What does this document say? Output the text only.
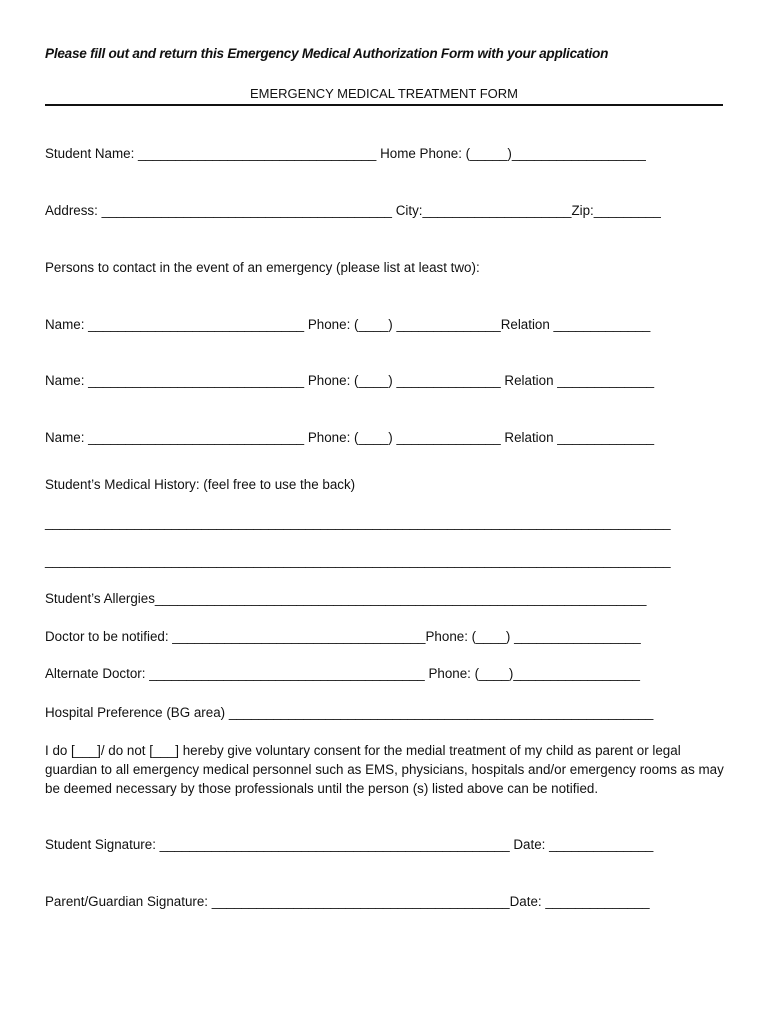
Please fill out and return this Emergency Medical Authorization Form with your application
EMERGENCY MEDICAL TREATMENT FORM
Student Name: ________________________________ Home Phone: (_____)__________________
Address: _______________________________________ City:____________________Zip:_________
Persons to contact in the event of an emergency (please list at least two):
Name: _____________________________ Phone: (____) ______________Relation _____________
Name: _____________________________ Phone: (____) ______________ Relation _____________
Name: _____________________________ Phone: (____) ______________ Relation _____________
Student’s Medical History: (feel free to use the back)
____________________________________________________________________________________
____________________________________________________________________________________
Student’s Allergies__________________________________________________________________
Doctor to be notified: __________________________________Phone: (____) _________________
Alternate Doctor: _____________________________________ Phone: (____)_________________
Hospital Preference (BG area) _________________________________________________________
I do [___]/ do not [___] hereby give voluntary consent for the medial treatment of my child as parent or legal guardian to all emergency medical personnel such as EMS, physicians, hospitals and/or emergency rooms as may be deemed necessary by those professionals until the person (s) listed above can be notified.
Student Signature: _______________________________________________ Date: ______________
Parent/Guardian Signature: ________________________________________Date: ______________
